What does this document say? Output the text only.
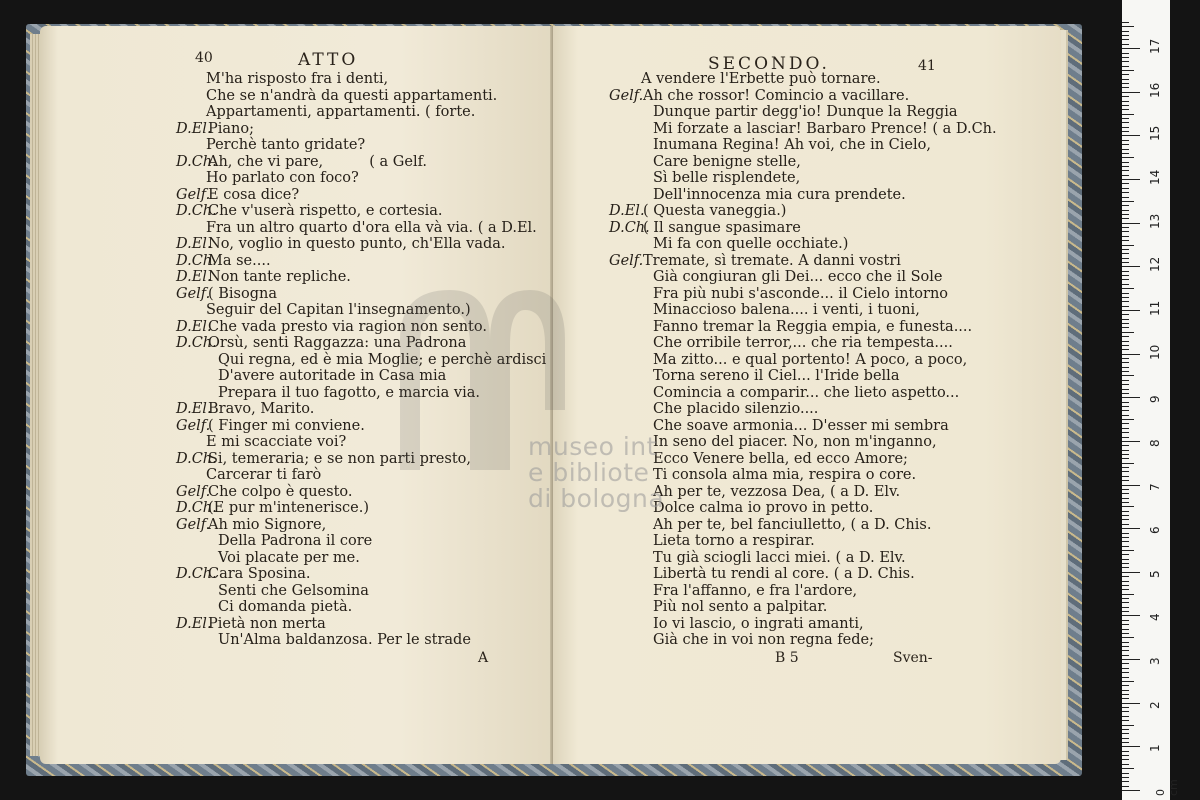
40	ATTO
M'ha risposto fra i denti,
Che se n'andrà da questi appartamenti.
Appartamenti, appartamenti. ( forte.
D.El.
Piano;
Perchè tanto gridate?
D.Ch.
Ah, che vi pare,          ( a Gelf.
Ho parlato con foco?
Gelf.
E cosa dice?
D.Ch.
Che v'userà rispetto, e cortesia.
Fra un altro quarto d'ora ella và via. ( a D.El.
D.El.
No, voglio in questo punto, ch'Ella vada.
D.Ch.
Ma se....
D.El.
Non tante repliche.
Gelf.
( Bisogna
Seguir del Capitan l'insegnamento.)
D.El.
Che vada presto via ragion non sento.
D.Ch.
Orsù, senti Raggazza: una Padrona
Qui regna, ed è mia Moglie; e perchè ardisci
D'avere autoritade in Casa mia
Prepara il tuo fagotto, e marcia via.
D.El.
Bravo, Marito.
Gelf.
( Finger mi conviene.
E mi scacciate voi?
D.Ch.
Si, temeraria; e se non parti presto,
Carcerar ti farò
Gelf.
Che colpo è questo.
D.Ch.
(E pur m'intenerisce.)
Gelf.
Ah mio Signore,
Della Padrona il core
Voi placate per me.
D.Ch.
Cara Sposina.
Senti che Gelsomina
Ci domanda pietà.
D.El.
Pietà non merta
Un'Alma baldanzosa. Per le strade
A
SECONDO.	41
A vendere l'Erbette può tornare.
Gelf. Ah che rossor! Comincio a vacillare.
Dunque partir degg'io! Dunque la Reggia
Mi forzate a lasciar! Barbaro Prence! ( a D.Ch.
Inumana Regina! Ah voi, che in Cielo,
Care benigne stelle,
Sì belle risplendete,
Dell'innocenza mia cura prendete.
D.El.
( Questa vaneggia.)
D.Ch.
( Il sangue spasimare
Mi fa con quelle occhiate.)
Gelf. Tremate, sì tremate. A danni vostri
Già congiuran gli Dei... ecco che il Sole
Fra più nubi s'asconde... il Cielo intorno
Minaccioso balena.... i venti, i tuoni,
Fanno tremar la Reggia empia, e funesta....
Che orribile terror,... che ria tempesta....
Ma zitto... e qual portento! A poco, a poco,
Torna sereno il Ciel... l'Iride bella
Comincia a comparir... che lieto aspetto...
Che placido silenzio....
Che soave armonia... D'esser mi sembra
In seno del piacer. No, non m'inganno,
Ecco Venere bella, ed ecco Amore;
Ti consola alma mia, respira o core.
Ah per te, vezzosa Dea, ( a D. Elv.
Dolce calma io provo in petto.
Ah per te, bel fanciulletto, ( a D. Chis.
Lieta torno a respirar.
Tu già sciogli lacci miei. ( a D. Elv.
Libertà tu rendi al core. ( a D. Chis.
Fra l'affanno, e fra l'ardore,
Più nol sento a palpitar.
Io vi lascio, o ingrati amanti,
Già che in voi non regna fede;
B 5	Sven-
museo int
e bibliote
di bologna
0 cm
1
2
3
4
5
6
7
8
9
10
11
12
13
14
15
16
17
